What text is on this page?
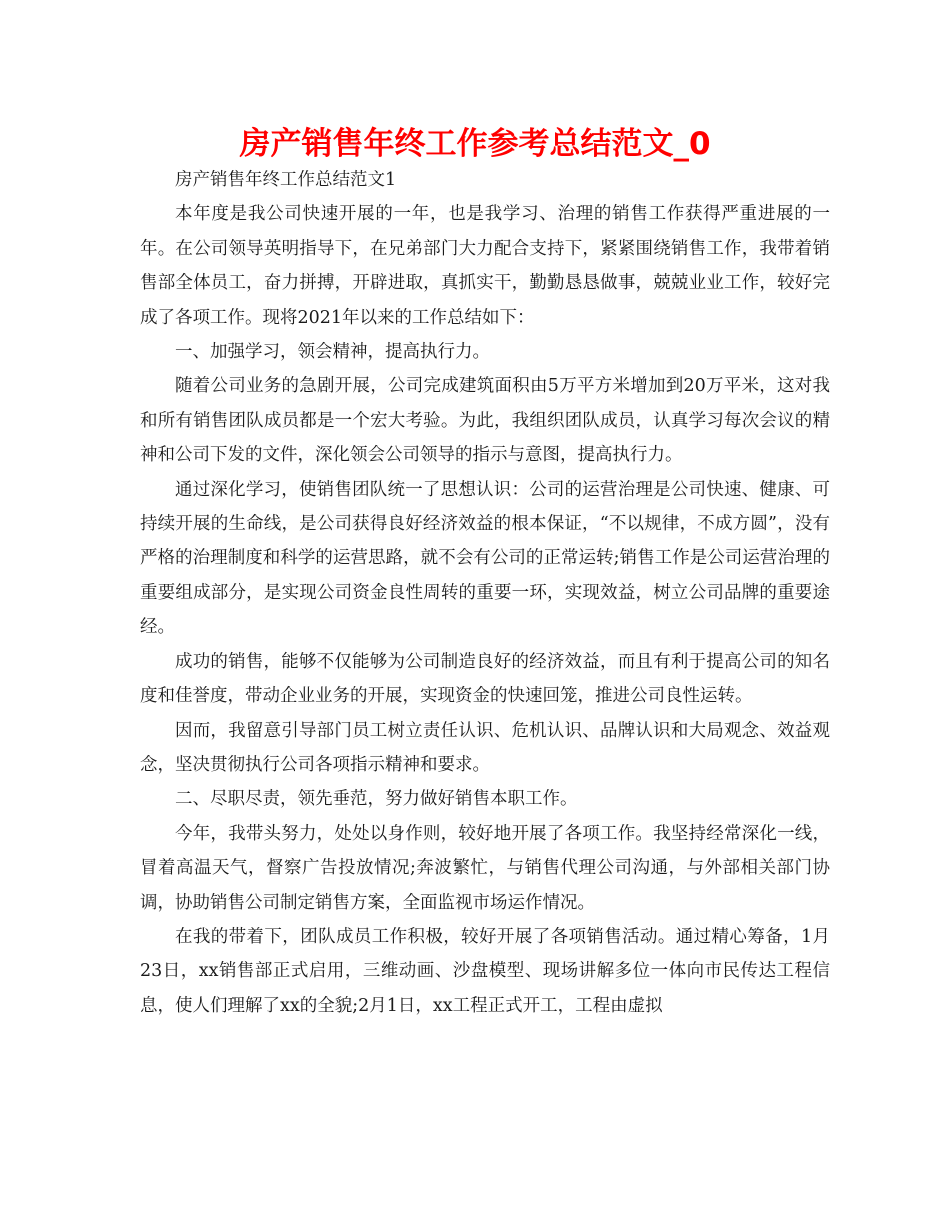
房产销售年终工作参考总结范文_0

房产销售年终工作总结范文1

本年度是我公司快速开展的一年，也是我学习、治理的销售工作获得严重进展的一年。在公司领导英明指导下，在兄弟部门大力配合支持下，紧紧围绕销售工作，我带着销售部全体员工，奋力拼搏，开辟进取，真抓实干，勤勤恳恳做事，兢兢业业工作，较好完成了各项工作。现将2021年以来的工作总结如下：

一、加强学习，领会精神，提高执行力。

随着公司业务的急剧开展，公司完成建筑面积由5万平方米增加到20万平米，这对我和所有销售团队成员都是一个宏大考验。为此，我组织团队成员，认真学习每次会议的精神和公司下发的文件，深化领会公司领导的指示与意图，提高执行力。

通过深化学习，使销售团队统一了思想认识：公司的运营治理是公司快速、健康、可持续开展的生命线，是公司获得良好经济效益的根本保证，“不以规律，不成方圆”，没有严格的治理制度和科学的运营思路，就不会有公司的正常运转;销售工作是公司运营治理的重要组成部分，是实现公司资金良性周转的重要一环，实现效益，树立公司品牌的重要途经。

成功的销售，能够不仅能够为公司制造良好的经济效益，而且有利于提高公司的知名度和佳誉度，带动企业业务的开展，实现资金的快速回笼，推进公司良性运转。

因而，我留意引导部门员工树立责任认识、危机认识、品牌认识和大局观念、效益观念，坚决贯彻执行公司各项指示精神和要求。

二、尽职尽责，领先垂范，努力做好销售本职工作。

今年，我带头努力，处处以身作则，较好地开展了各项工作。我坚持经常深化一线，冒着高温天气，督察广告投放情况;奔波繁忙，与销售代理公司沟通，与外部相关部门协调，协助销售公司制定销售方案，全面监视市场运作情况。

在我的带着下，团队成员工作积极，较好开展了各项销售活动。通过精心筹备，1月23日，xx销售部正式启用，三维动画、沙盘模型、现场讲解多位一体向市民传达工程信息，使人们理解了xx的全貌;2月1日，xx工程正式开工，工程由虚拟
